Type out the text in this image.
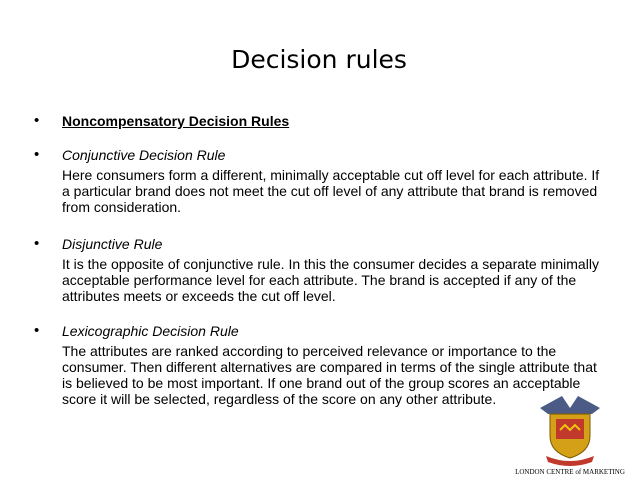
Decision rules
• Noncompensatory Decision Rules
• Conjunctive Decision Rule
Here consumers form a different, minimally acceptable cut off level for each attribute. If a particular brand does not meet the cut off level of any attribute that brand is removed from consideration.
• Disjunctive Rule
It is the opposite of conjunctive rule. In this the consumer decides a separate minimally acceptable performance level for each attribute. The brand is accepted if any of the attributes meets or exceeds the cut off level.
• Lexicographic Decision Rule
The attributes are ranked according to perceived relevance or importance to the consumer. Then different alternatives are compared in terms of the single attribute that is believed to be most important. If one brand out of the group scores an acceptable score it will be selected, regardless of the score on any other attribute.
LONDON CENTRE of MARKETING
